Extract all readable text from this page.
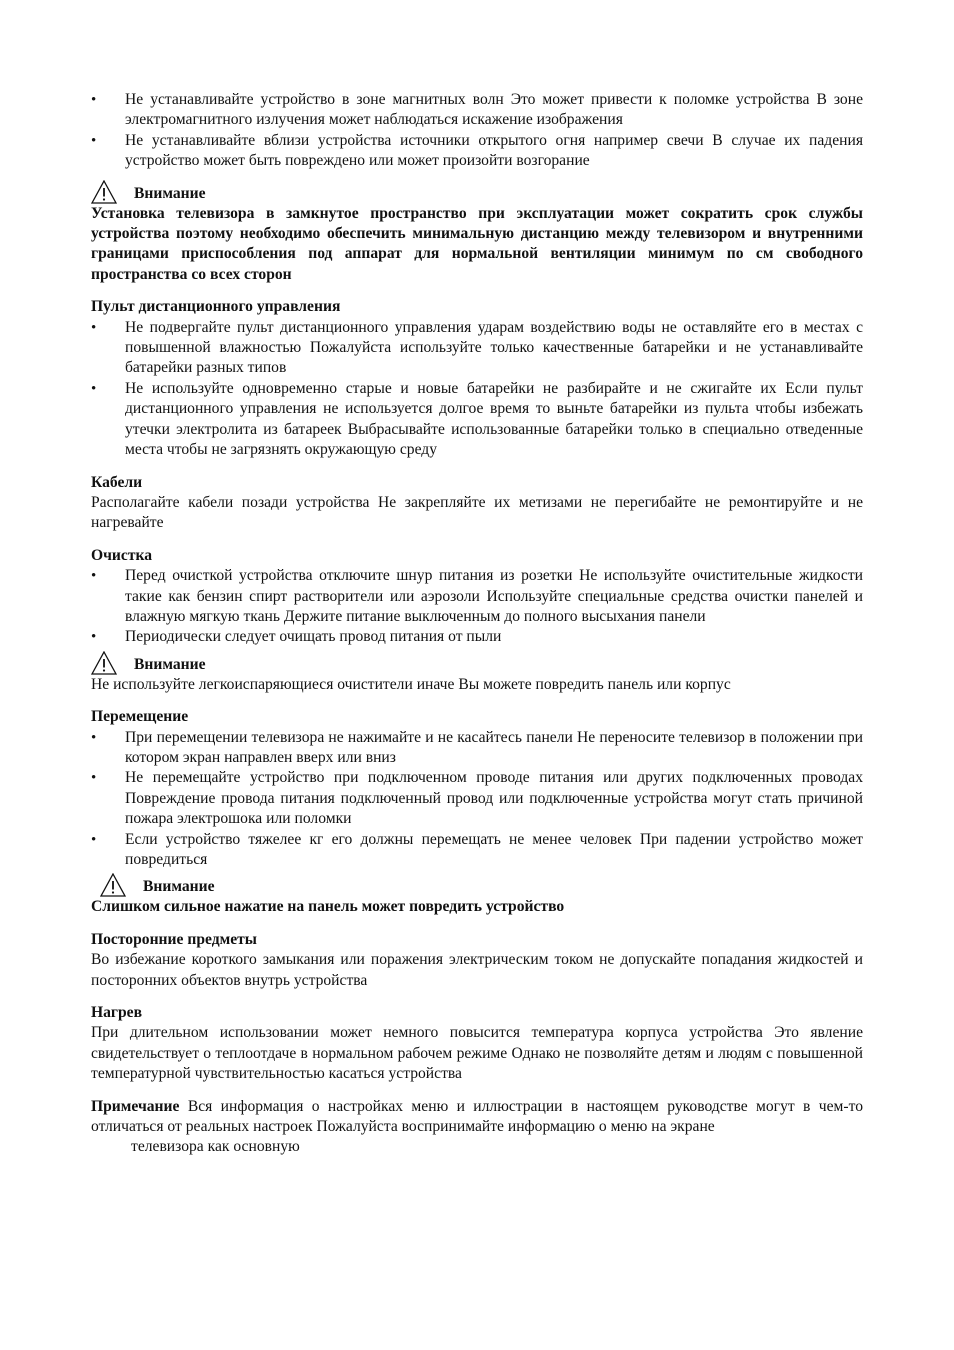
• Не устанавливайте устройство в зоне магнитных волн Это может привести к поломке устройства В зоне электромагнитного излучения может наблюдаться искажение изображения
• Не устанавливайте вблизи устройства источники открытого огня например свечи В случае их падения устройство может быть повреждено или может произойти возгорание
Внимание
Установка телевизора в замкнутое пространство при эксплуатации может сократить срок службы устройства поэтому необходимо обеспечить минимальную дистанцию между телевизором и внутренними границами приспособления под аппарат для нормальной вентиляции минимум по см свободного пространства со всех сторон
Пульт дистанционного управления
• Не подвергайте пульт дистанционного управления ударам воздействию воды не оставляйте его в местах с повышенной влажностью Пожалуйста используйте только качественные батарейки и не устанавливайте батарейки разных типов
• Не используйте одновременно старые и новые батарейки не разбирайте и не сжигайте их Если пульт дистанционного управления не используется долгое время то выньте батарейки из пульта чтобы избежать утечки электролита из батареек Выбрасывайте использованные батарейки только в специально отведенные места чтобы не загрязнять окружающую среду
Кабели
Располагайте кабели позади устройства Не закрепляйте их метизами не перегибайте не ремонтируйте и не нагревайте
Очистка
• Перед очисткой устройства отключите шнур питания из розетки Не используйте очистительные жидкости такие как бензин спирт растворители или аэрозоли Используйте специальные средства очистки панелей и влажную мягкую ткань Держите питание выключенным до полного высыхания панели
• Периодически следует очищать провод питания от пыли
Внимание
Не используйте легкоиспаряющиеся очистители иначе Вы можете повредить панель или корпус
Перемещение
• При перемещении телевизора не нажимайте и не касайтесь панели Не переносите телевизор в положении при котором экран направлен вверх или вниз
• Не перемещайте устройство при подключенном проводе питания или других подключенных проводах Повреждение провода питания подключенный провод или подключенные устройства могут стать причиной пожара электрошока или поломки
• Если устройство тяжелее кг его должны перемещать не менее человек При падении устройство может повредиться
Внимание
Слишком сильное нажатие на панель может повредить устройство
Посторонние предметы
Во избежание короткого замыкания или поражения электрическим током не допускайте попадания жидкостей и посторонних объектов внутрь устройства
Нагрев
При длительном использовании может немного повысится температура корпуса устройства Это явление свидетельствует о теплоотдаче в нормальном рабочем режиме Однако не позволяйте детям и людям с повышенной температурной чувствительностью касаться устройства
Примечание Вся информация о настройках меню и иллюстрации в настоящем руководстве могут в чем-то отличаться от реальных настроек Пожалуйста воспринимайте информацию о меню на экране
телевизора как основную
